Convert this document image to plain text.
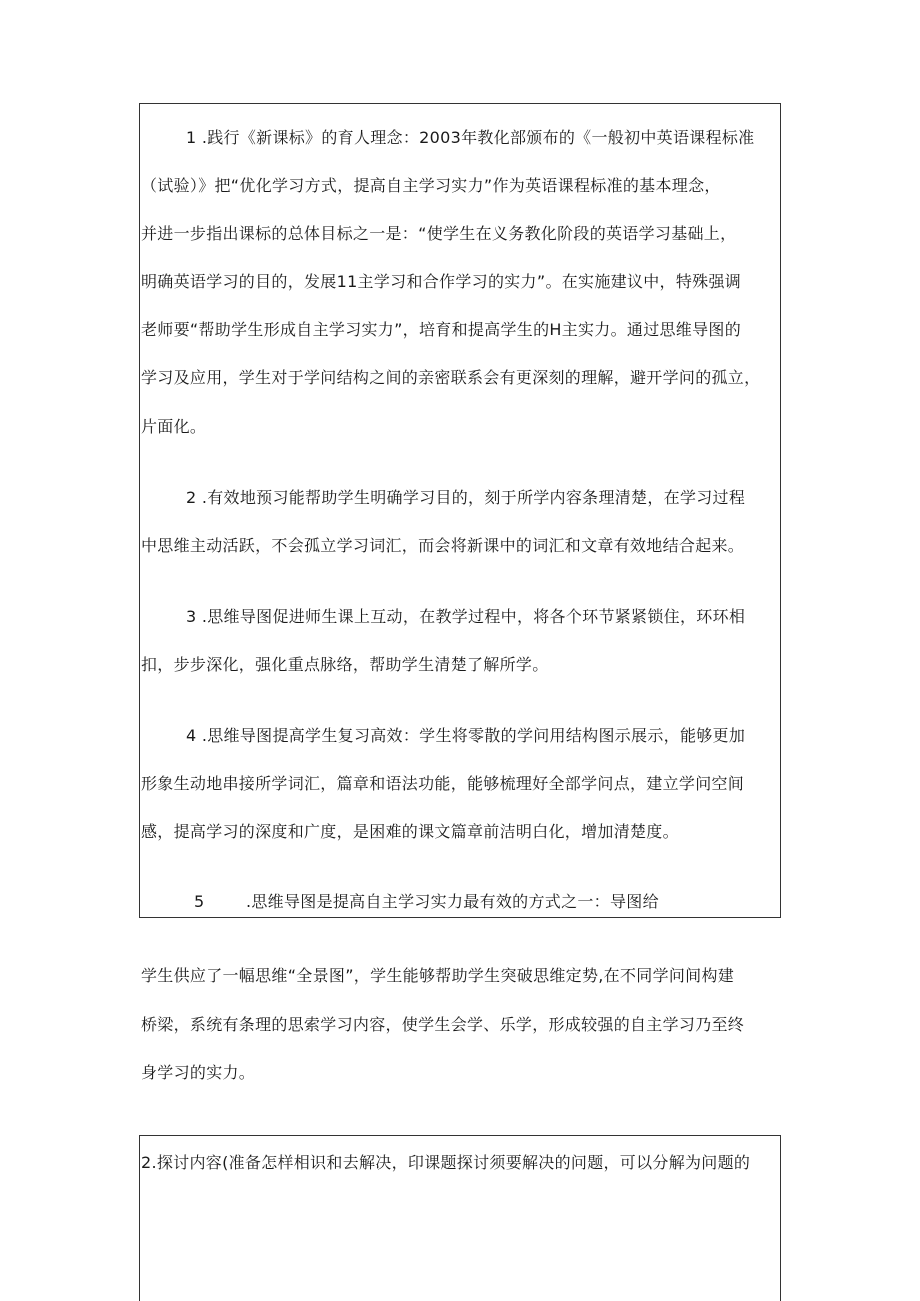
1 .践行《新课标》的育人理念：2003年教化部颁布的《一般初中英语课程标准
（试验）》把“优化学习方式，提高自主学习实力”作为英语课程标准的基本理念，
并进一步指出课标的总体目标之一是：“使学生在义务教化阶段的英语学习基础上，
明确英语学习的目的，发展11主学习和合作学习的实力”。在实施建议中，特殊强调
老师要“帮助学生形成自主学习实力”，培育和提高学生的H主实力。通过思维导图的
学习及应用，学生对于学问结构之间的亲密联系会有更深刻的理解，避开学问的孤立，
片面化。
2 .有效地预习能帮助学生明确学习目的，刻于所学内容条理清楚，在学习过程
中思维主动活跃，不会孤立学习词汇，而会将新课中的词汇和文章有效地结合起来。
3 .思维导图促进师生课上互动，在教学过程中，将各个环节紧紧锁住，环环相
扣，步步深化，强化重点脉络，帮助学生清楚了解所学。
4 .思维导图提高学生复习高效：学生将零散的学问用结构图示展示，能够更加
形象生动地串接所学词汇，篇章和语法功能，能够梳理好全部学问点，建立学问空间
感，提高学习的深度和广度，是困难的课文篇章前洁明白化，增加清楚度。
5	.思维导图是提高自主学习实力最有效的方式之一：导图给
学生供应了一幅思维“全景图”，学生能够帮助学生突破思维定势,在不同学问间构建
桥梁，系统有条理的思索学习内容，使学生会学、乐学，形成较强的自主学习乃至终
身学习的实力。
2.探讨内容(准备怎样相识和去解决，印课题探讨须要解决的问题，可以分解为问题的
